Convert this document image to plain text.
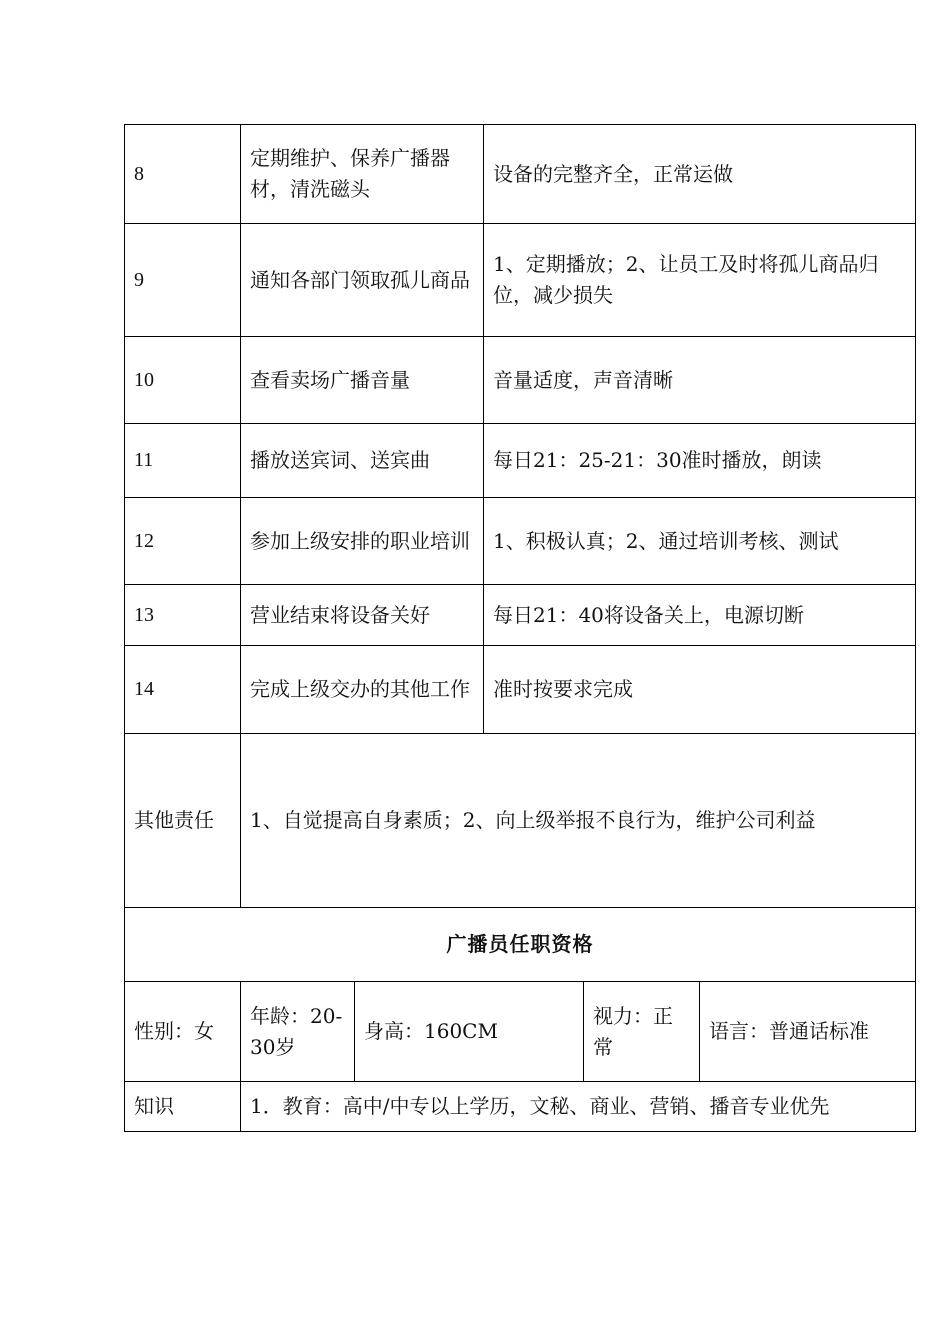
8	定期维护、保养广播器材，清洗磁头		设备的完整齐全，正常运做		
9	通知各部门领取孤儿商品		1、定期播放；2、让员工及时将孤儿商品归位，减少损失		
10	查看卖场广播音量		音量适度，声音清晰		
11	播放送宾词、送宾曲		每日21：25-21：30准时播放，朗读		
12	参加上级安排的职业培训		1、积极认真；2、通过培训考核、测试		
13	营业结束将设备关好		每日21：40将设备关上，电源切断		
14	完成上级交办的其他工作		准时按要求完成		
其他责任	1、自觉提高自身素质；2、向上级举报不良行为，维护公司利益				
广播员任职资格					
性别：女	年龄：20-30岁	身高：160CM		视力：正常	语言：普通话标准
知识	1．教育：高中/中专以上学历，文秘、商业、营销、播音专业优先				
